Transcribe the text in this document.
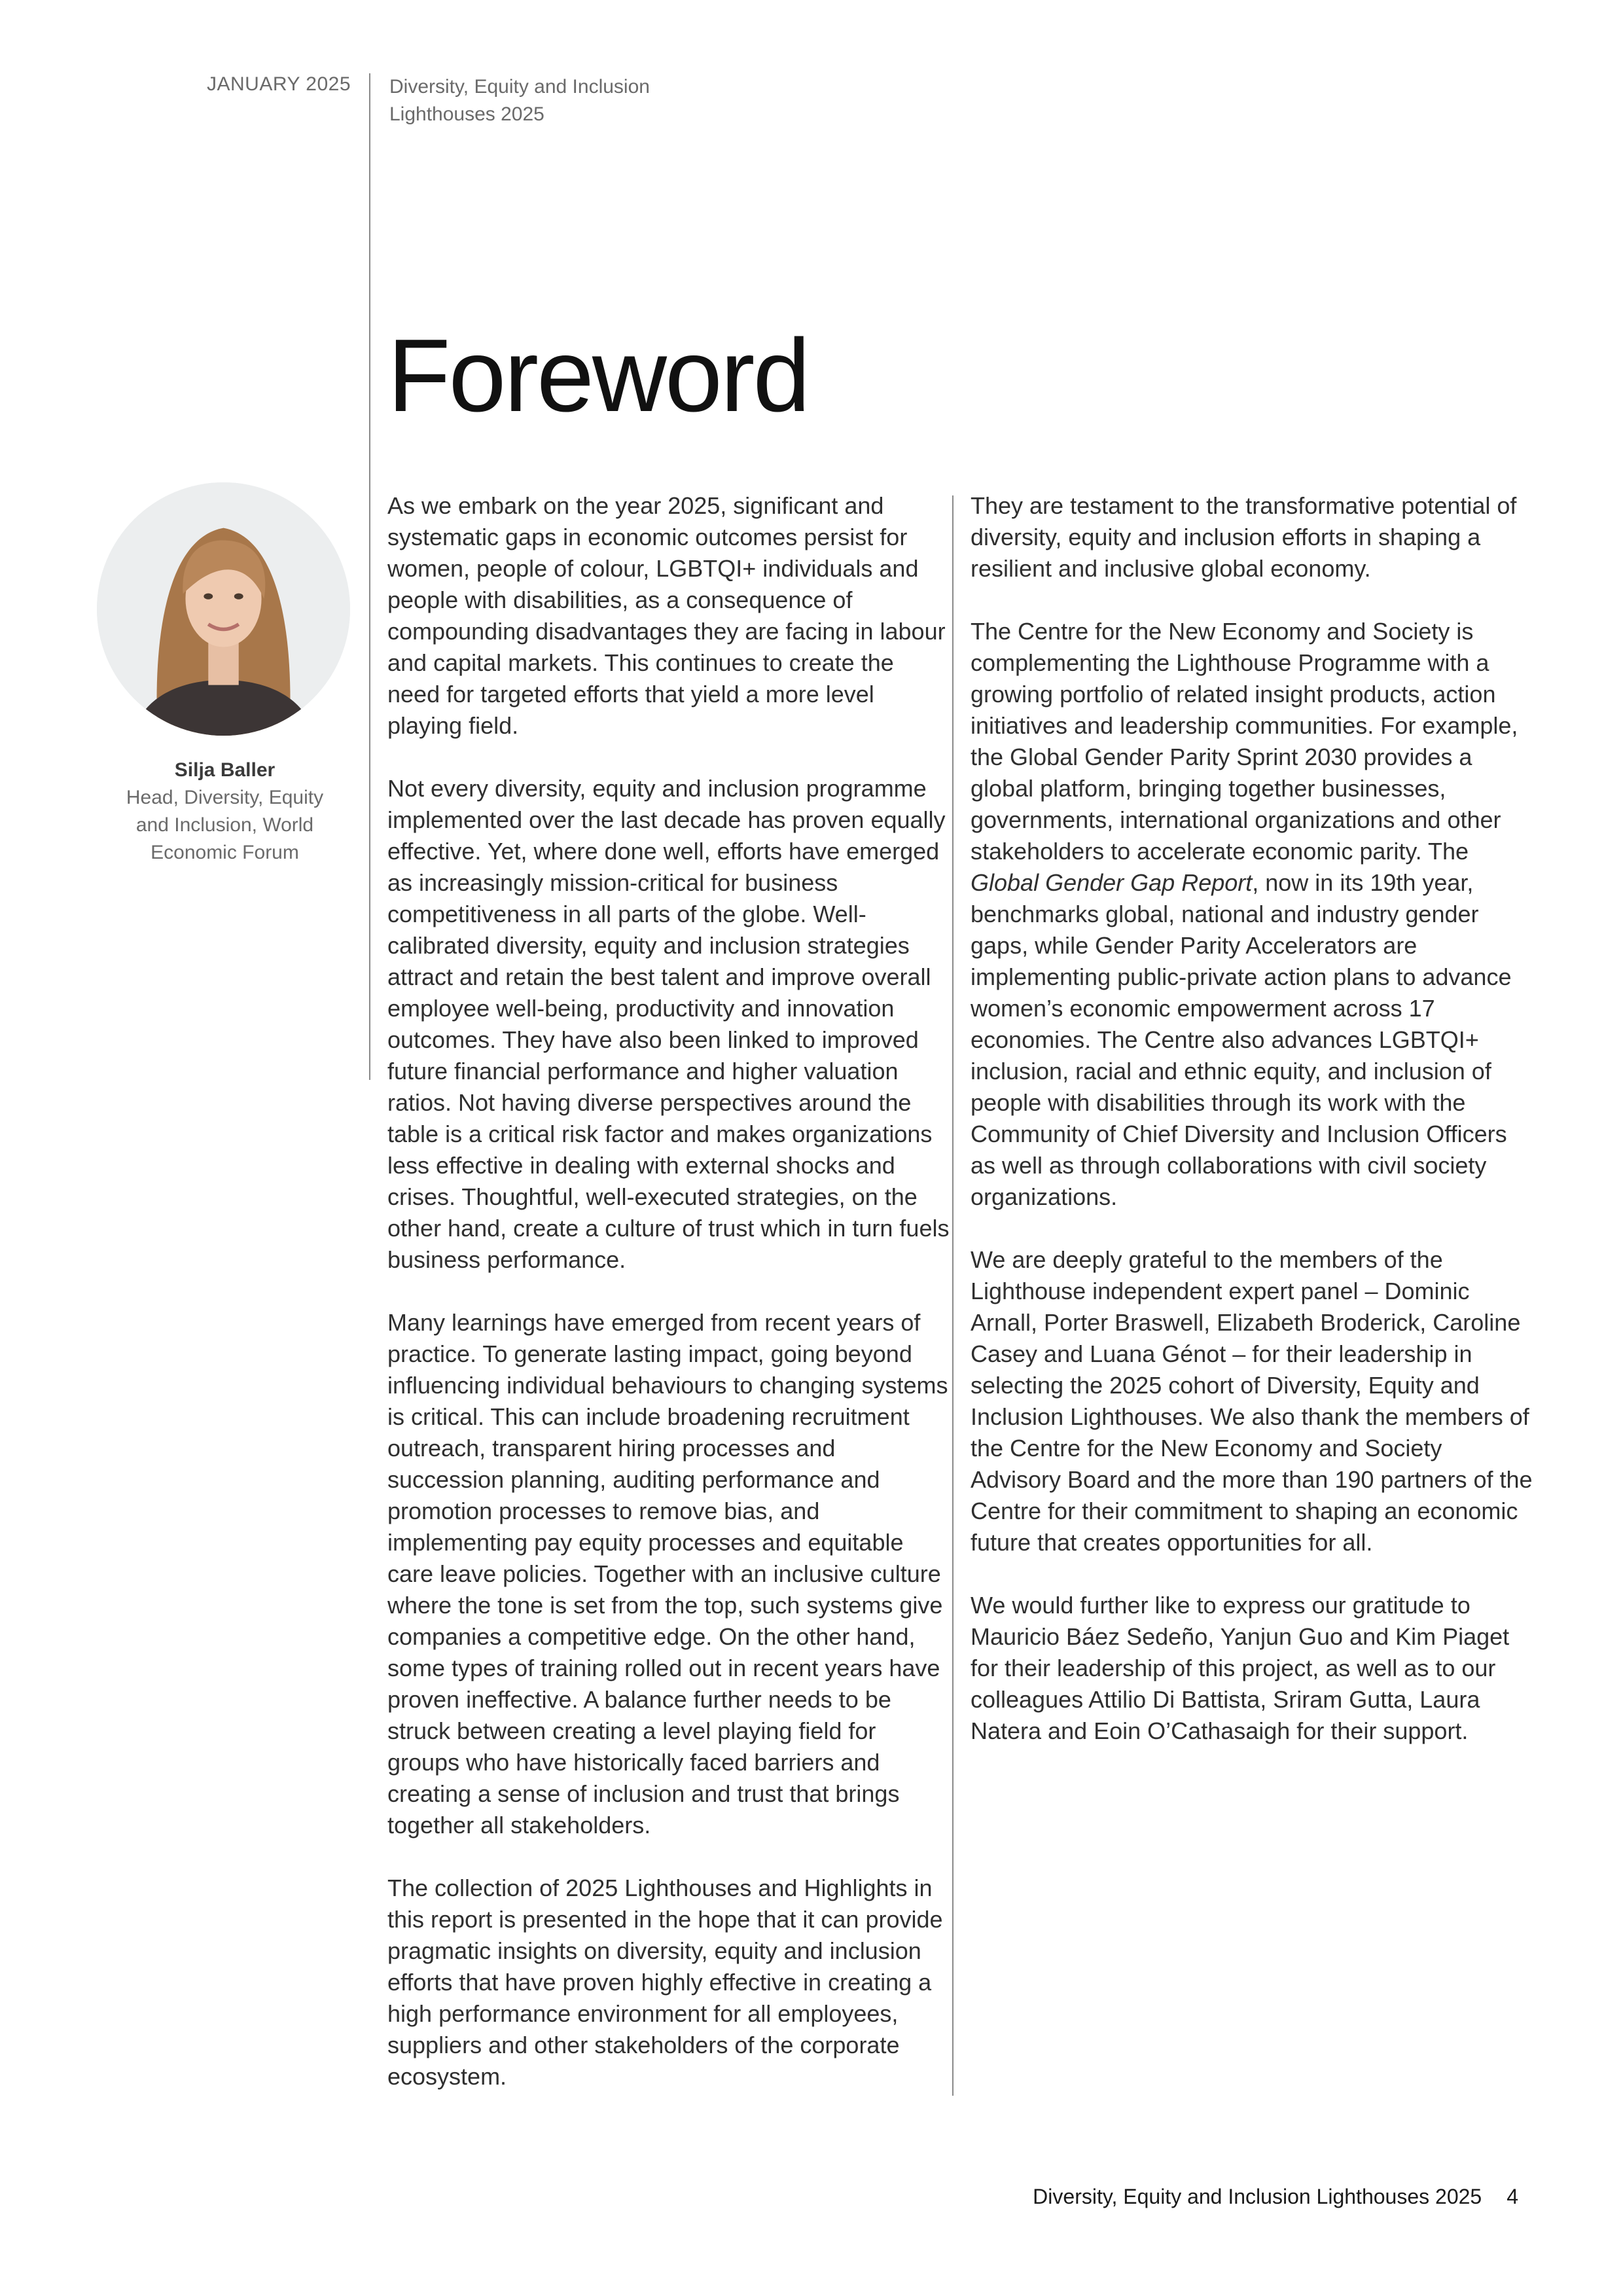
JANUARY 2025 Diversity, Equity and Inclusion
Lighthouses 2025
Foreword
Silja Baller
Head, Diversity, Equity
and Inclusion, World
Economic Forum

As we embark on the year 2025, significant and systematic gaps in economic outcomes persist for women, people of colour, LGBTQI+ individuals and people with disabilities, as a consequence of compounding disadvantages they are facing in labour and capital markets. This continues to create the need for targeted efforts that yield a more level playing field.

Not every diversity, equity and inclusion programme implemented over the last decade has proven equally effective. Yet, where done well, efforts have emerged as increasingly mission-critical for business competitiveness in all parts of the globe. Well-calibrated diversity, equity and inclusion strategies attract and retain the best talent and improve overall employee well-being, productivity and innovation outcomes. They have also been linked to improved future financial performance and higher valuation ratios. Not having diverse perspectives around the table is a critical risk factor and makes organizations less effective in dealing with external shocks and crises. Thoughtful, well-executed strategies, on the other hand, create a culture of trust which in turn fuels business performance.

Many learnings have emerged from recent years of practice. To generate lasting impact, going beyond influencing individual behaviours to changing systems is critical. This can include broadening recruitment outreach, transparent hiring processes and succession planning, auditing performance and promotion processes to remove bias, and implementing pay equity processes and equitable care leave policies. Together with an inclusive culture where the tone is set from the top, such systems give companies a competitive edge. On the other hand, some types of training rolled out in recent years have proven ineffective. A balance further needs to be struck between creating a level playing field for groups who have historically faced barriers and creating a sense of inclusion and trust that brings together all stakeholders.

The collection of 2025 Lighthouses and Highlights in this report is presented in the hope that it can provide pragmatic insights on diversity, equity and inclusion efforts that have proven highly effective in creating a high performance environment for all employees, suppliers and other stakeholders of the corporate ecosystem.

They are testament to the transformative potential of diversity, equity and inclusion efforts in shaping a resilient and inclusive global economy.

The Centre for the New Economy and Society is complementing the Lighthouse Programme with a growing portfolio of related insight products, action initiatives and leadership communities. For example, the Global Gender Parity Sprint 2030 provides a global platform, bringing together businesses, governments, international organizations and other stakeholders to accelerate economic parity. The Global Gender Gap Report, now in its 19th year, benchmarks global, national and industry gender gaps, while Gender Parity Accelerators are implementing public-private action plans to advance women’s economic empowerment across 17 economies. The Centre also advances LGBTQI+ inclusion, racial and ethnic equity, and inclusion of people with disabilities through its work with the Community of Chief Diversity and Inclusion Officers as well as through collaborations with civil society organizations.

We are deeply grateful to the members of the Lighthouse independent expert panel – Dominic Arnall, Porter Braswell, Elizabeth Broderick, Caroline Casey and Luana Génot – for their leadership in selecting the 2025 cohort of Diversity, Equity and Inclusion Lighthouses. We also thank the members of the Centre for the New Economy and Society Advisory Board and the more than 190 partners of the Centre for their commitment to shaping an economic future that creates opportunities for all.

We would further like to express our gratitude to Mauricio Báez Sedeño, Yanjun Guo and Kim Piaget for their leadership of this project, as well as to our colleagues Attilio Di Battista, Sriram Gutta, Laura Natera and Eoin O’Cathasaigh for their support.

Diversity, Equity and Inclusion Lighthouses 2025 4
